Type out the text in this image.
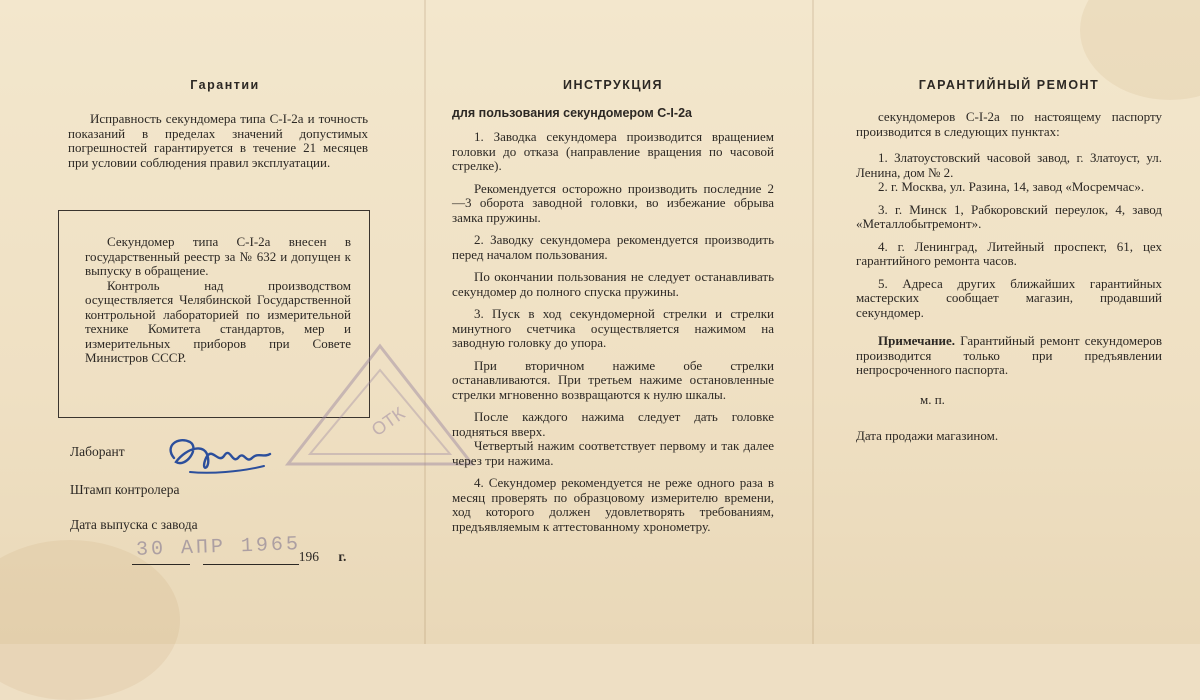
Гарантии

Исправность секундомера типа С-I-2а и точность показаний в пределах значений допустимых погрешностей гарантируется в течение 21 месяцев при условии соблюдения правил эксплуатации.

Секундомер типа С-I-2а внесен в государственный реестр за № 632 и допущен к выпуску в обращение.

Контроль над производством осуществляется Челябинской Государственной контрольной лабораторией по измерительной технике Комитета стандартов, мер и измерительных приборов при Совете Министров СССР.

Лаборант
ОТК
Штамп контролера
Дата выпуска с завода
30 АПР 1965
196 г.
ИНСТРУКЦИЯ
для пользования секундомером С-I-2а

1. Заводка секундомера производится вращением головки до отказа (направление вращения по часовой стрелке).

Рекомендуется осторожно производить последние 2—3 оборота заводной головки, во избежание обрыва замка пружины.

2. Заводку секундомера рекомендуется производить перед началом пользования.

По окончании пользования не следует останавливать секундомер до полного спуска пружины.

3. Пуск в ход секундомерной стрелки и стрелки минутного счетчика осуществляется нажимом на заводную головку до упора.

При вторичном нажиме обе стрелки останавливаются. При третьем нажиме остановленные стрелки мгновенно возвращаются к нулю шкалы.

После каждого нажима следует дать головке подняться вверх.

Четвертый нажим соответствует первому и так далее через три нажима.

4. Секундомер рекомендуется не реже одного раза в месяц проверять по образцовому измерителю времени, ход которого должен удовлетворять требованиям, предъявляемым к аттестованному хронометру.

ГАРАНТИЙНЫЙ РЕМОНТ

секундомеров С-I-2а по настоящему паспорту производится в следующих пунктах:

1. Златоустовский часовой завод, г. Златоуст, ул. Ленина, дом № 2.

2. г. Москва, ул. Разина, 14, завод «Мосремчас».

3. г. Минск 1, Рабкоровский переулок, 4, завод «Металлобытремонт».

4. г. Ленинград, Литейный проспект, 61, цех гарантийного ремонта часов.

5. Адреса других ближайших гарантийных мастерских сообщает магазин, продавший секундомер.

Примечание. Гарантийный ремонт секундомеров производится только при предъявлении непросроченного паспорта.

м. п.
Дата продажи магазином.
